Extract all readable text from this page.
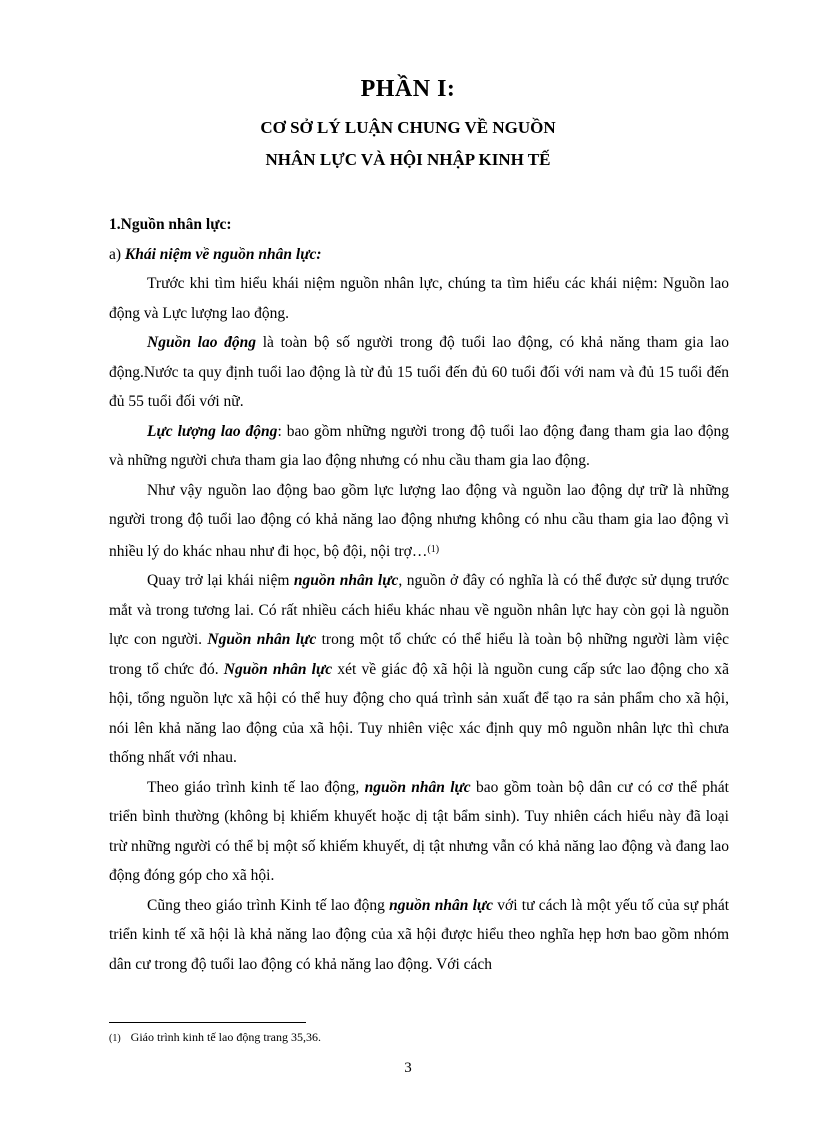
PHẦN I:
CƠ SỞ LÝ LUẬN CHUNG VỀ NGUỒN
NHÂN LỰC VÀ HỘI NHẬP KINH TẾ

1.Nguồn nhân lực:

a) Khái niệm về nguồn nhân lực:

Trước khi tìm hiểu khái niệm nguồn nhân lực, chúng ta tìm hiểu các khái niệm: Nguồn lao động và Lực lượng lao động.

Nguồn lao động là toàn bộ số người trong độ tuổi lao động, có khả năng tham gia lao động.Nước ta quy định tuổi lao động là từ đủ 15 tuổi đến đủ 60 tuổi đối với nam và đủ 15 tuổi đến đủ 55 tuổi đối với nữ.

Lực lượng lao động: bao gồm những người trong độ tuổi lao động đang tham gia lao động và những người chưa tham gia lao động nhưng có nhu cầu tham gia lao động.

Như vậy nguồn lao động bao gồm lực lượng lao động và nguồn lao động dự trữ là những người trong độ tuổi lao động có khả năng lao động nhưng không có nhu cầu tham gia lao động vì nhiều lý do khác nhau như đi học, bộ đội, nội trợ…$^{(1)}$

Quay trở lại khái niệm nguồn nhân lực, nguồn ở đây có nghĩa là có thể được sử dụng trước mắt và trong tương lai. Có rất nhiều cách hiểu khác nhau về nguồn nhân lực hay còn gọi là nguồn lực con người. Nguồn nhân lực trong một tổ chức có thể hiểu là toàn bộ những người làm việc trong tổ chức đó. Nguồn nhân lực xét về giác độ xã hội là nguồn cung cấp sức lao động cho xã hội, tổng nguồn lực xã hội có thể huy động cho quá trình sản xuất để tạo ra sản phẩm cho xã hội, nói lên khả năng lao động của xã hội. Tuy nhiên việc xác định quy mô nguồn nhân lực thì chưa thống nhất với nhau.

Theo giáo trình kinh tế lao động, nguồn nhân lực bao gồm toàn bộ dân cư có cơ thể phát triển bình thường (không bị khiếm khuyết hoặc dị tật bẩm sinh). Tuy nhiên cách hiểu này đã loại trừ những người có thể bị một số khiếm khuyết, dị tật nhưng vẫn có khả năng lao động và đang lao động đóng góp cho xã hội.

Cũng theo giáo trình Kinh tế lao động nguồn nhân lực với tư cách là một yếu tố của sự phát triển kinh tế xã hội là khả năng lao động của xã hội được hiểu theo nghĩa hẹp hơn bao gồm nhóm dân cư trong độ tuổi lao động có khả năng lao động. Với cách

(1) Giáo trình kinh tế lao động trang 35,36.
3
